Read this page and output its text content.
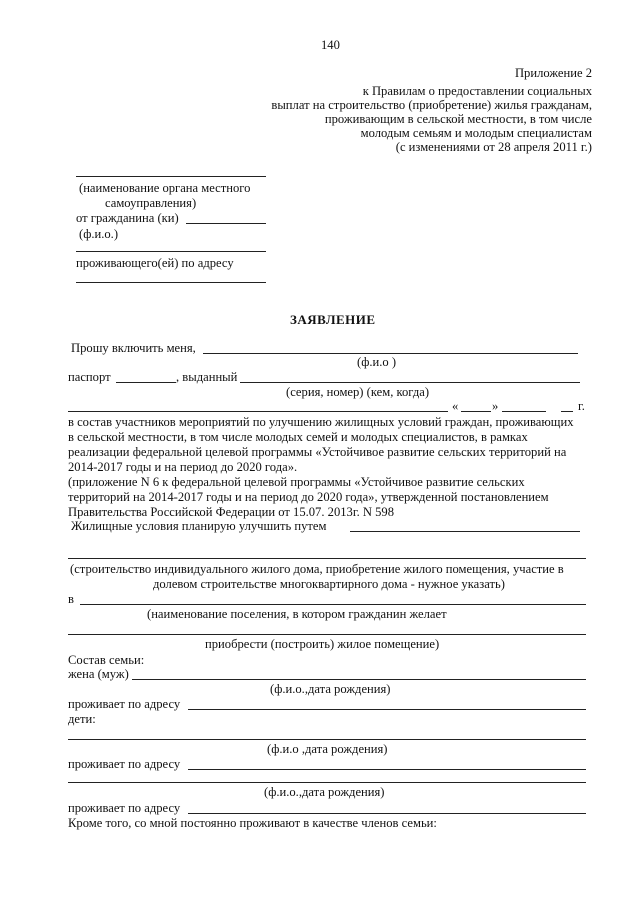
140
Приложение 2
к Правилам о предоставлении социальных
выплат на строительство (приобретение) жилья гражданам,
проживающим в сельской местности, в том числе
молодым семьям и молодым специалистам
(с изменениями от 28 апреля 2011 г.)
(наименование органа местного
самоуправления)
от гражданина (ки)
(ф.и.о.)
проживающего(ей) по адресу
ЗАЯВЛЕНИЕ
Прошу включить меня,
(ф.и.о )
паспорт	, выданный
(серия, номер) (кем, когда)
«	»	г.
в состав участников мероприятий по улучшению жилищных условий граждан, проживающих
в сельской местности, в том числе молодых семей и молодых специалистов, в рамках
реализации федеральной целевой программы «Устойчивое развитие сельских территорий на
2014-2017 годы и на период до 2020 года».
(приложение N 6 к федеральной целевой программы «Устойчивое развитие сельских
территорий на 2014-2017 годы и на период до 2020 года», утвержденной постановлением
Правительства Российской Федерации от 15.07. 2013г. N 598
Жилищные условия планирую улучшить путем
(строительство индивидуального жилого дома, приобретение жилого помещения, участие в
долевом строительстве многоквартирного дома - нужное указать)
в
(наименование поселения, в котором гражданин желает
приобрести (построить) жилое помещение)
Состав семьи:
жена (муж)
(ф.и.о.,дата рождения)
проживает по адресу
дети:
(ф.и.о ,дата рождения)
проживает по адресу
(ф.и.о.,дата рождения)
проживает по адресу
Кроме того, со мной постоянно проживают в качестве членов семьи:
